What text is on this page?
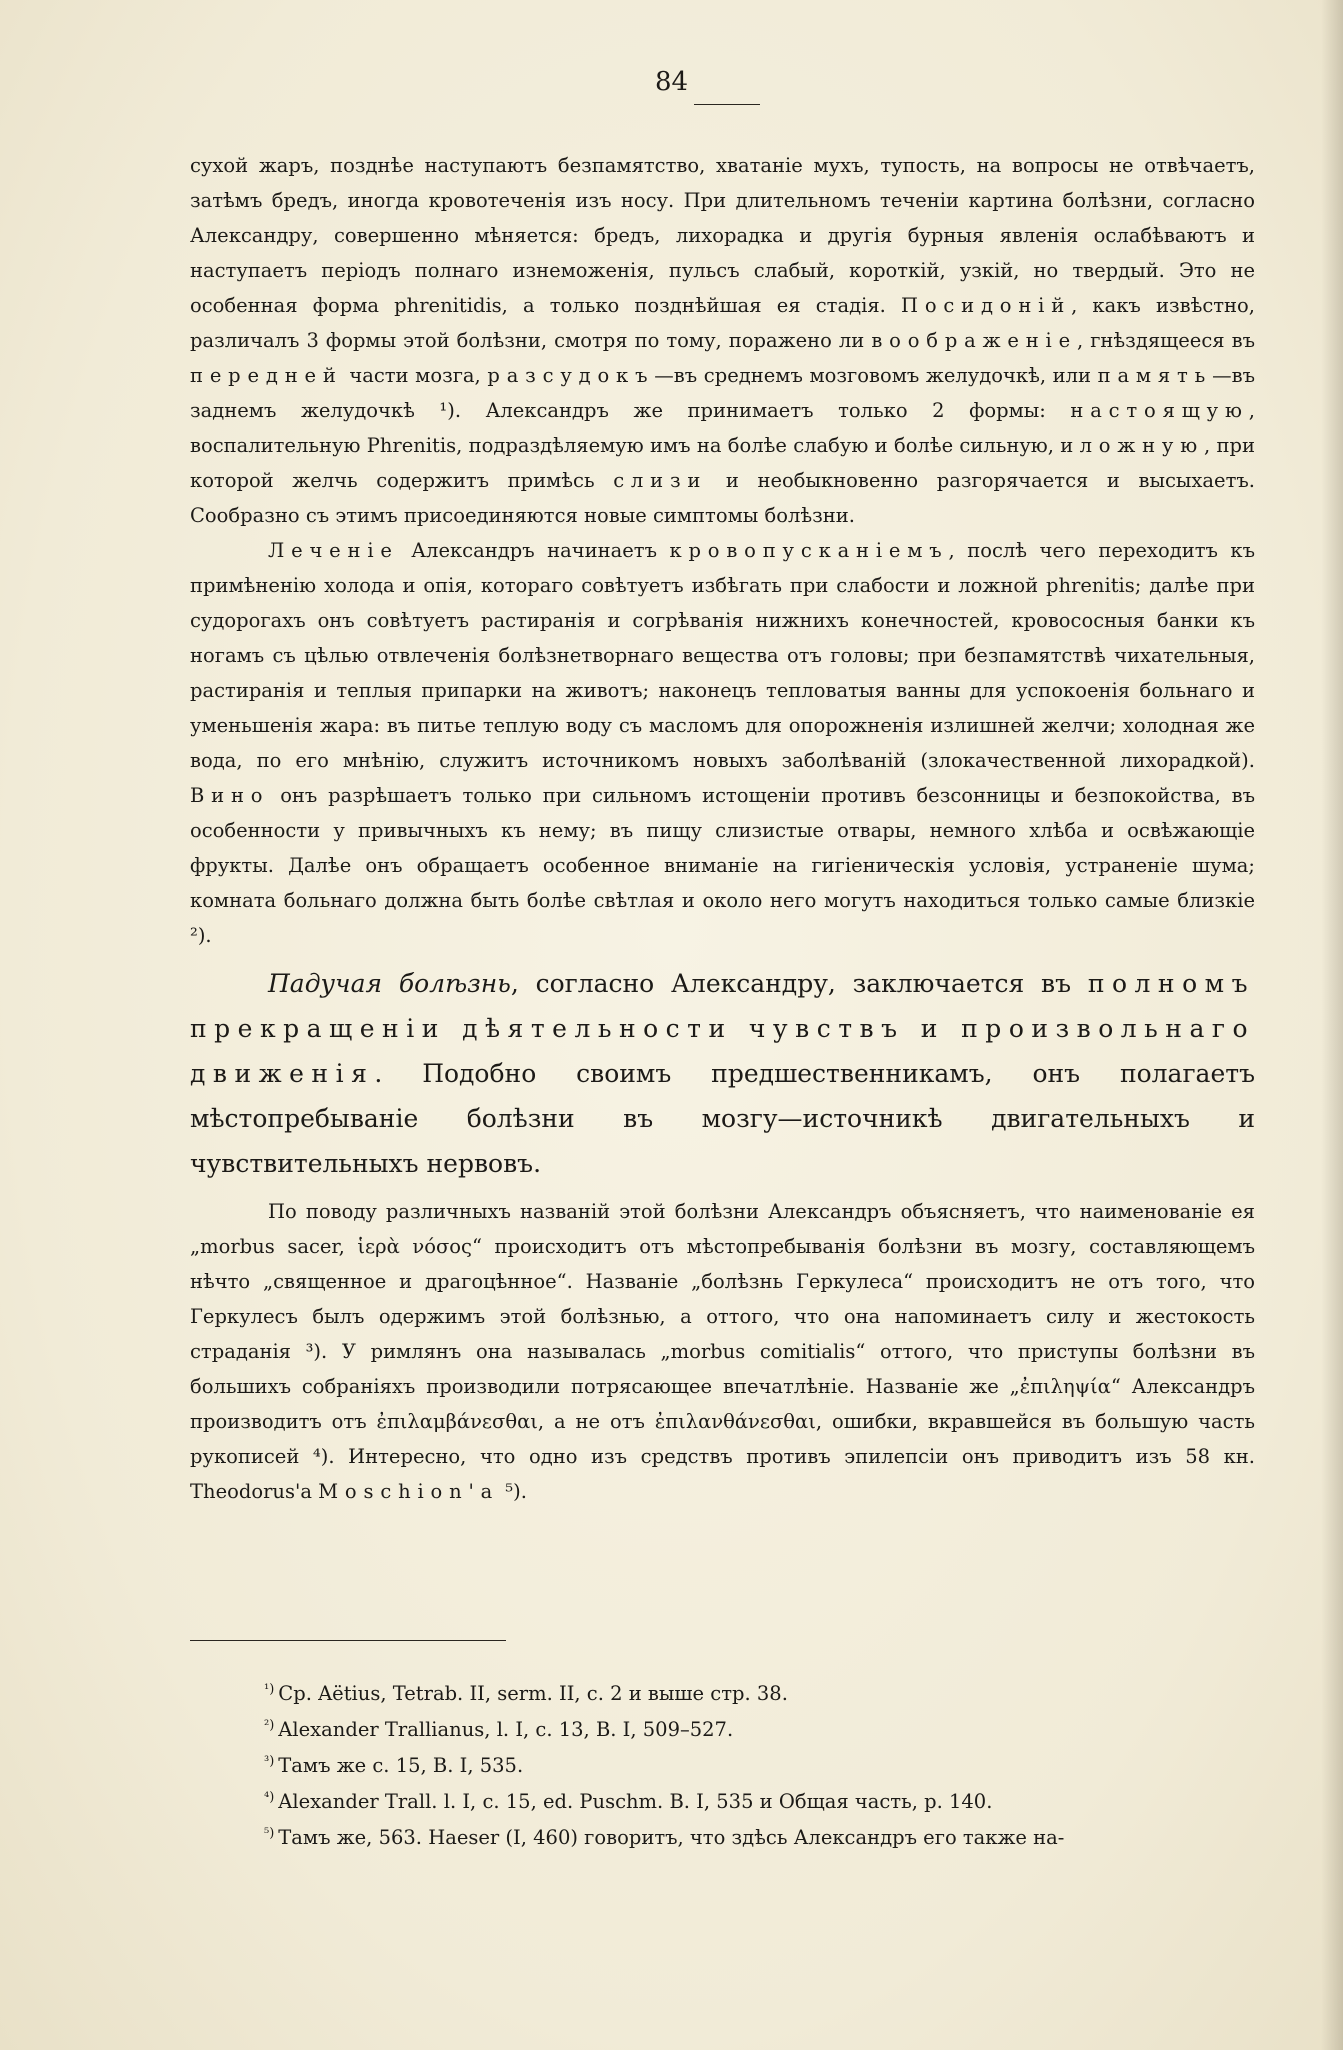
84

сухой жаръ, позднѣе наступаютъ безпамятство, хватанiе мухъ, тупость, на вопросы не отвѣчаетъ, затѣмъ бредъ, иногда кровотеченiя изъ носу. При длительномъ теченiи картина болѣзни, согласно Александру, совершенно мѣняется: бредъ, лихорадка и другiя бурныя явленiя ослабѣваютъ и наступаетъ перiодъ полнаго изнеможенiя, пульсъ слабый, короткiй, узкiй, но твердый. Это не особенная форма phrenitidis, а только позднѣйшая ея стадiя. Посидонiй, какъ извѣстно, различалъ 3 формы этой болѣзни, смотря по тому, поражено ли воображенiе, гнѣздящееся въ передней части мозга, разсудокъ—въ среднемъ мозговомъ желудочкѣ, или память—въ заднемъ желудочкѣ ¹). Александръ же принимаетъ только 2 формы: настоящую, воспалительную Phrenitis, подраздѣляемую имъ на болѣе слабую и болѣе сильную, и ложную, при которой желчь содержитъ примѣсь слизи и необыкновенно разгорячается и высыхаетъ. Сообразно съ этимъ присоединяются новые симптомы болѣзни.

Леченiе Александръ начинаетъ кровопусканiемъ, послѣ чего переходитъ къ примѣненiю холода и опiя, котораго совѣтуетъ избѣгать при слабости и ложной phrenitis; далѣе при судорогахъ онъ совѣтуетъ растиранiя и согрѣванiя нижнихъ конечностей, кровососныя банки къ ногамъ съ цѣлью отвлеченiя болѣзнетворнаго вещества отъ головы; при безпамятствѣ чихательныя, растиранiя и теплыя припарки на животъ; наконецъ тепловатыя ванны для успокоенiя больнаго и уменьшенiя жара: въ питье теплую воду съ масломъ для опорожненiя излишней желчи; холодная же вода, по его мнѣнiю, служитъ источникомъ новыхъ заболѣванiй (злокачественной лихорадкой). Вино онъ разрѣшаетъ только при сильномъ истощенiи противъ безсонницы и безпокойства, въ особенности у привычныхъ къ нему; въ пищу слизистые отвары, немного хлѣба и освѣжающiе фрукты. Далѣе онъ обращаетъ особенное вниманiе на гигiеническiя условiя, устраненiе шума; комната больнаго должна быть болѣе свѣтлая и около него могутъ находиться только самые близкiе ²).

Падучая болѣзнь, согласно Александру, заключается въ полномъ прекращенiи дѣятельности чувствъ и произвольнаго движенiя. Подобно своимъ предшественникамъ, онъ полагаетъ мѣстопребыванiе болѣзни въ мозгу—источникѣ двигательныхъ и чувствительныхъ нервовъ.

По поводу различныхъ названiй этой болѣзни Александръ объясняетъ, что наименованiе ея „morbus sacer, ἱερὰ νόσος“ происходитъ отъ мѣстопребыванiя болѣзни въ мозгу, составляющемъ нѣчто „священное и драгоцѣнное“. Названiе „болѣзнь Геркулеса“ происходитъ не отъ того, что Геркулесъ былъ одержимъ этой болѣзнью, а оттого, что она напоминаетъ силу и жестокость страданiя ³). У римлянъ она называлась „morbus comitialis“ оттого, что приступы болѣзни въ большихъ собранiяхъ производили потрясающее впечатлѣнiе. Названiе же „ἐπιληψία“ Александръ производитъ отъ ἐπιλαμβάνεσθαι, а не отъ ἐπιλανθάνεσθαι, ошибки, вкравшейся въ большую часть рукописей ⁴). Интересно, что одно изъ средствъ противъ эпилепсiи онъ приводитъ изъ 58 кн. Theodorus'a Moschion'a ⁵).

$^{^1)}$ Ср. Aëtius, Tetrab. II, serm. II, c. 2 и выше стр. 38.
$^{^2)}$ Alexander Trallianus, l. I, c. 13, B. I, 509–527.
$^{^3)}$ Тамъ же с. 15, B. I, 535.
$^{^4)}$ Alexander Trall. l. I, c. 15, ed. Puschm. B. I, 535 и Общая часть, p. 140.
$^{^5)}$ Тамъ же, 563. Haeser (I, 460) говоритъ, что здѣсь Александръ его также на-
